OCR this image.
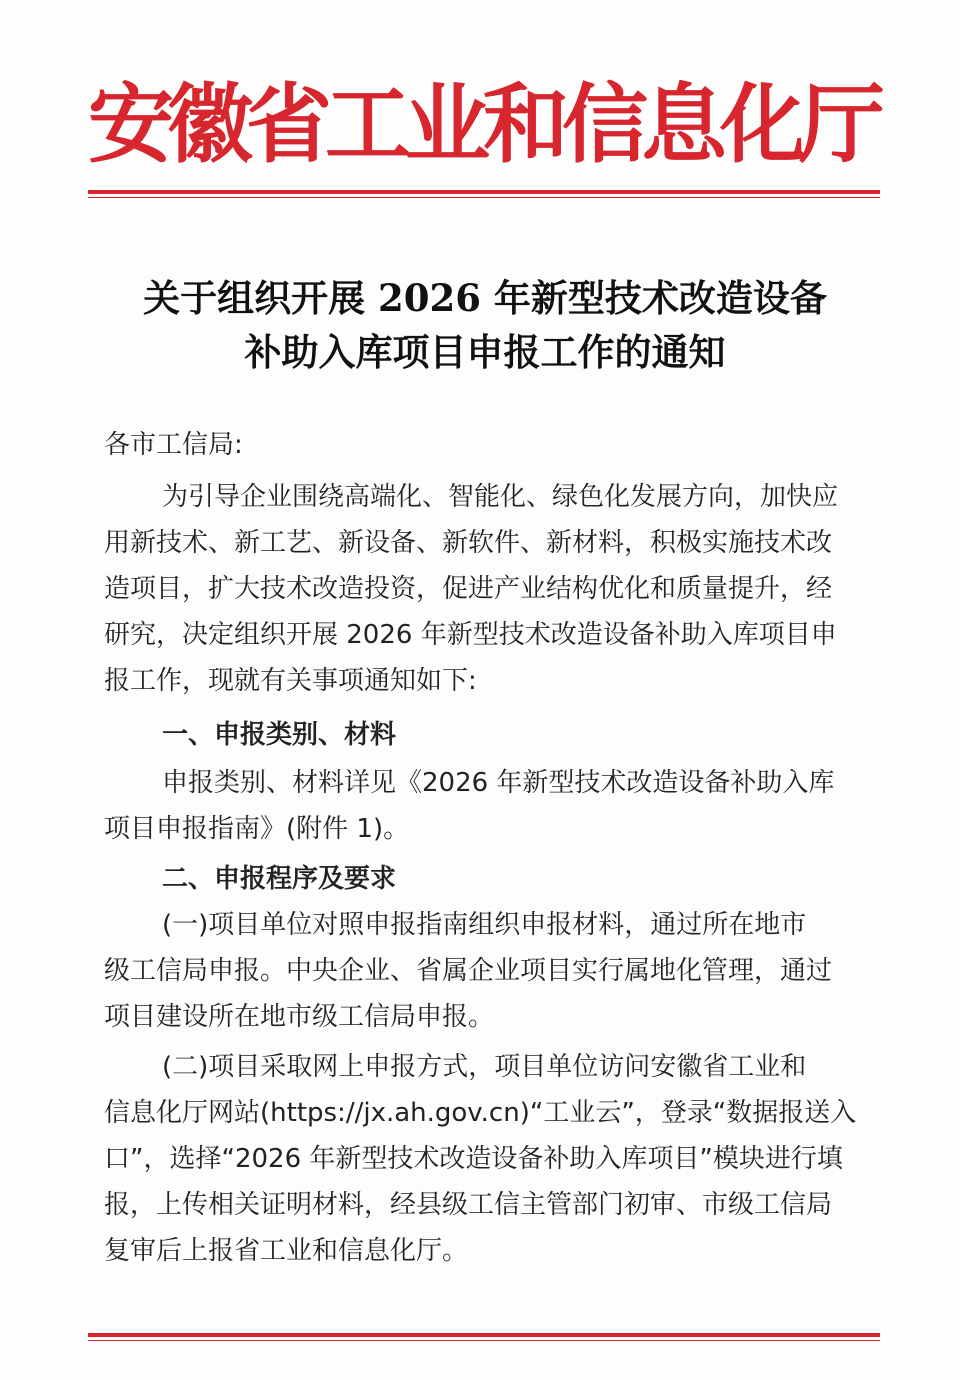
安
徽
省
工
业
和
信
息
化
厅
关于组织开展 2026 年新型技术改造设备
补助入库项目申报工作的通知

各市工信局:

为引导企业围绕高端化、智能化、绿色化发展方向，加快应

用新技术、新工艺、新设备、新软件、新材料，积极实施技术改

造项目，扩大技术改造投资，促进产业结构优化和质量提升，经

研究，决定组织开展 2026 年新型技术改造设备补助入库项目申

报工作，现就有关事项通知如下:

一、申报类别、材料

申报类别、材料详见《2026 年新型技术改造设备补助入库

项目申报指南》(附件 1)。

二、申报程序及要求

(一)项目单位对照申报指南组织申报材料，通过所在地市

级工信局申报。中央企业、省属企业项目实行属地化管理，通过

项目建设所在地市级工信局申报。

(二)项目采取网上申报方式，项目单位访问安徽省工业和

信息化厅网站(https://jx.ah.gov.cn)“工业云”，登录“数据报送入

口”，选择“2026 年新型技术改造设备补助入库项目”模块进行填

报，上传相关证明材料，经县级工信主管部门初审、市级工信局

复审后上报省工业和信息化厅。
